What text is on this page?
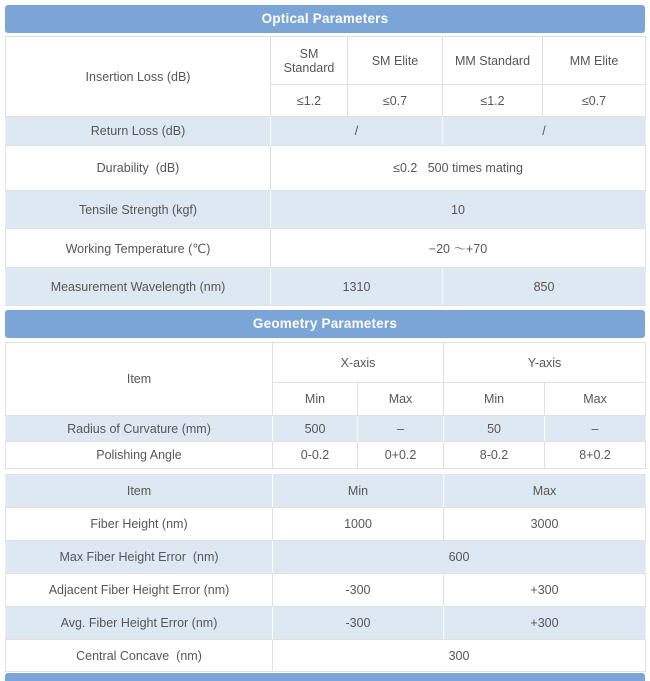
Optical Parameters
Insertion Loss (dB)	SM Standard	SM Elite	MM Standard	MM Elite
	≤1.2	≤0.7	≤1.2	≤0.7
Return Loss (dB)	/		/	
Durability  (dB)	≤0.2   500 times mating			
Tensile Strength (kgf)	10			
Working Temperature (℃)	−20 ～+70			
Measurement Wavelength (nm)	1310		850	
Geometry Parameters
Item	X-axis		Y-axis	
	Min	Max	Min	Max
Radius of Curvature (mm)	500	–	50	–
Polishing Angle	0-0.2	0+0.2	8-0.2	8+0.2
Item	Min	Max
Fiber Height (nm)	1000	3000
Max Fiber Height Error  (nm)	600	
Adjacent Fiber Height Error (nm)	-300	+300
Avg. Fiber Height Error (nm)	-300	+300
Central Concave  (nm)	300	
